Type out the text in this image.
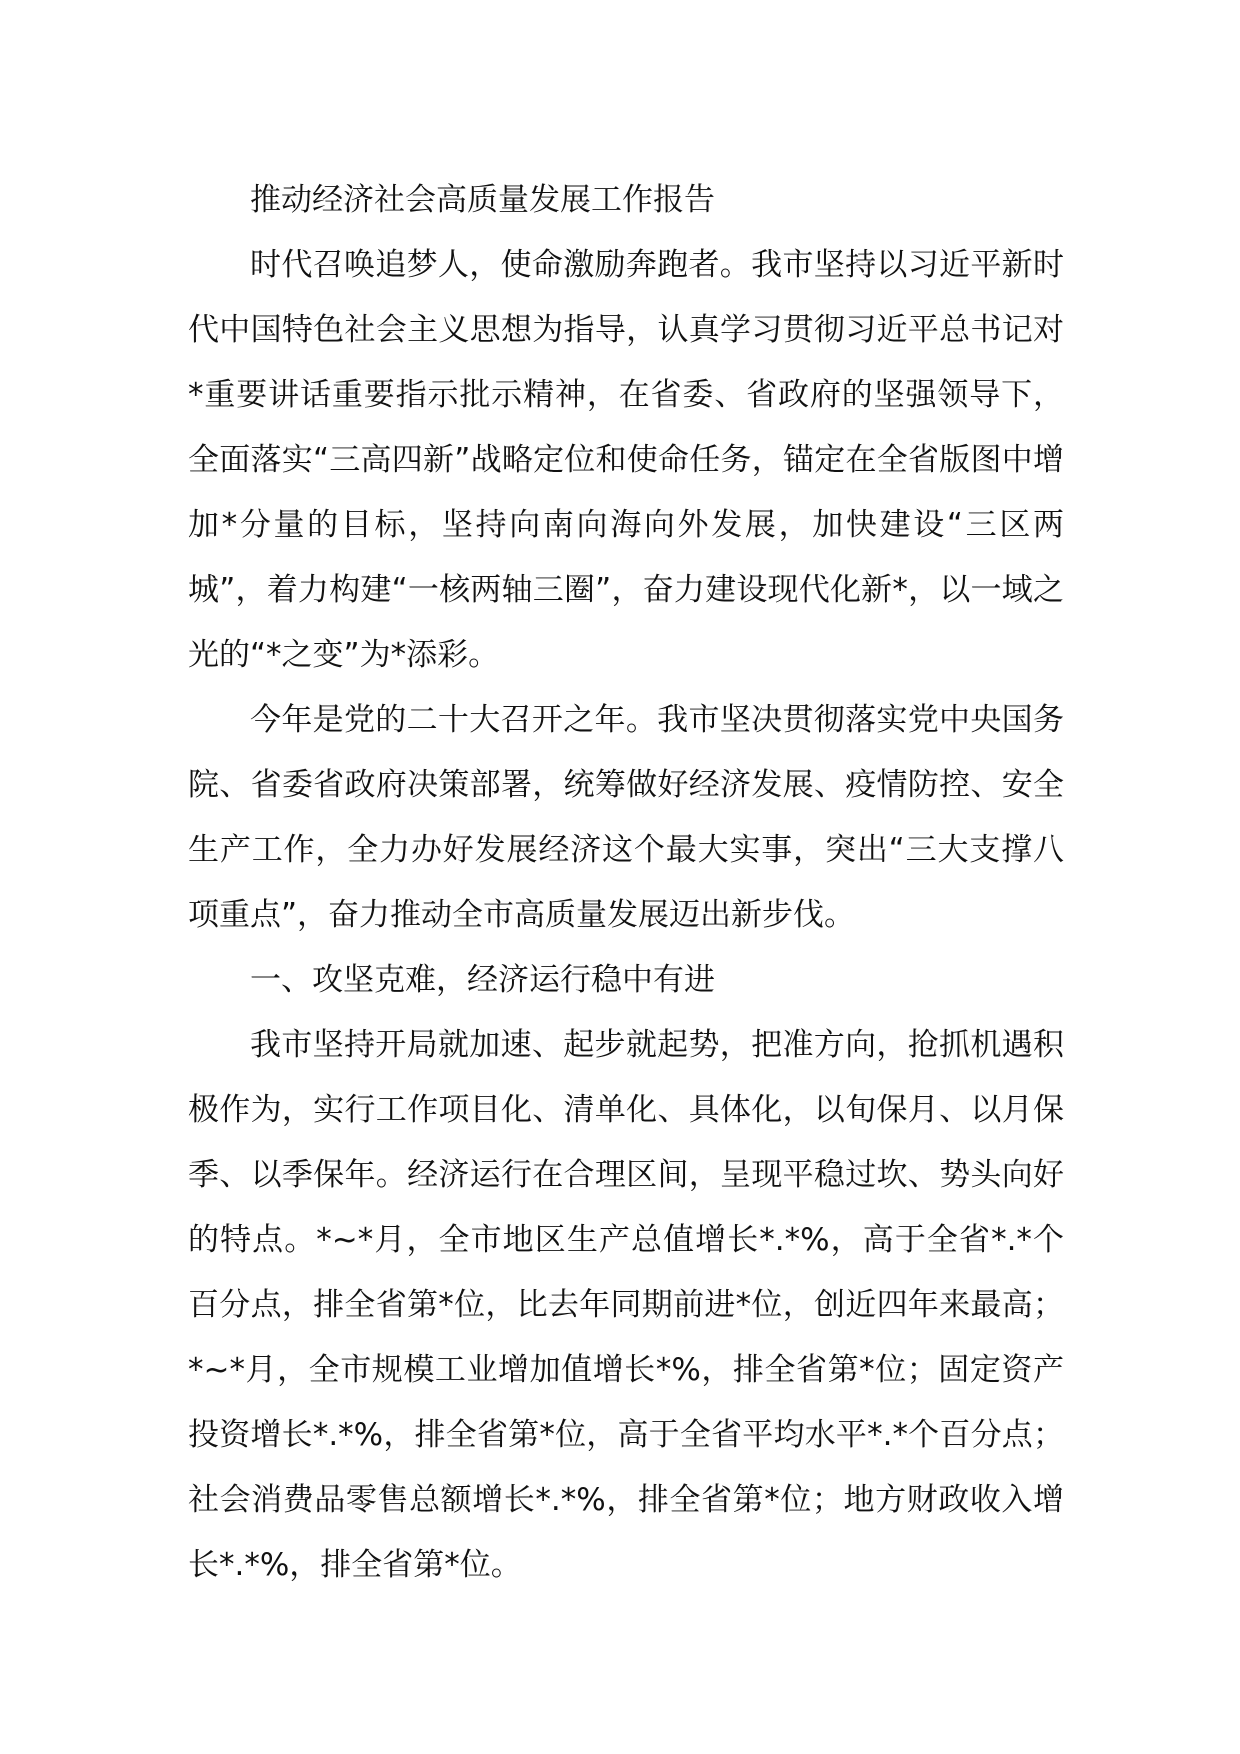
推动经济社会高质量发展工作报告

时代召唤追梦人，使命激励奔跑者。我市坚持以习近平新时代中国特色社会主义思想为指导，认真学习贯彻习近平总书记对*重要讲话重要指示批示精神，在省委、省政府的坚强领导下，全面落实“三高四新”战略定位和使命任务，锚定在全省版图中增加*分量的目标，坚持向南向海向外发展，加快建设“三区两城”，着力构建“一核两轴三圈”，奋力建设现代化新*，以一域之光的“*之变”为*添彩。

今年是党的二十大召开之年。我市坚决贯彻落实党中央国务院、省委省政府决策部署，统筹做好经济发展、疫情防控、安全生产工作，全力办好发展经济这个最大实事，突出“三大支撑八项重点”，奋力推动全市高质量发展迈出新步伐。

一、攻坚克难，经济运行稳中有进

我市坚持开局就加速、起步就起势，把准方向，抢抓机遇积极作为，实行工作项目化、清单化、具体化，以旬保月、以月保季、以季保年。经济运行在合理区间，呈现平稳过坎、势头向好的特点。*~*月，全市地区生产总值增长*.*%，高于全省*.*个百分点，排全省第*位，比去年同期前进*位，创近四年来最高；*~*月，全市规模工业增加值增长*%，排全省第*位；固定资产投资增长*.*%，排全省第*位，高于全省平均水平*.*个百分点；社会消费品零售总额增长*.*%，排全省第*位；地方财政收入增长*.*%，排全省第*位。
